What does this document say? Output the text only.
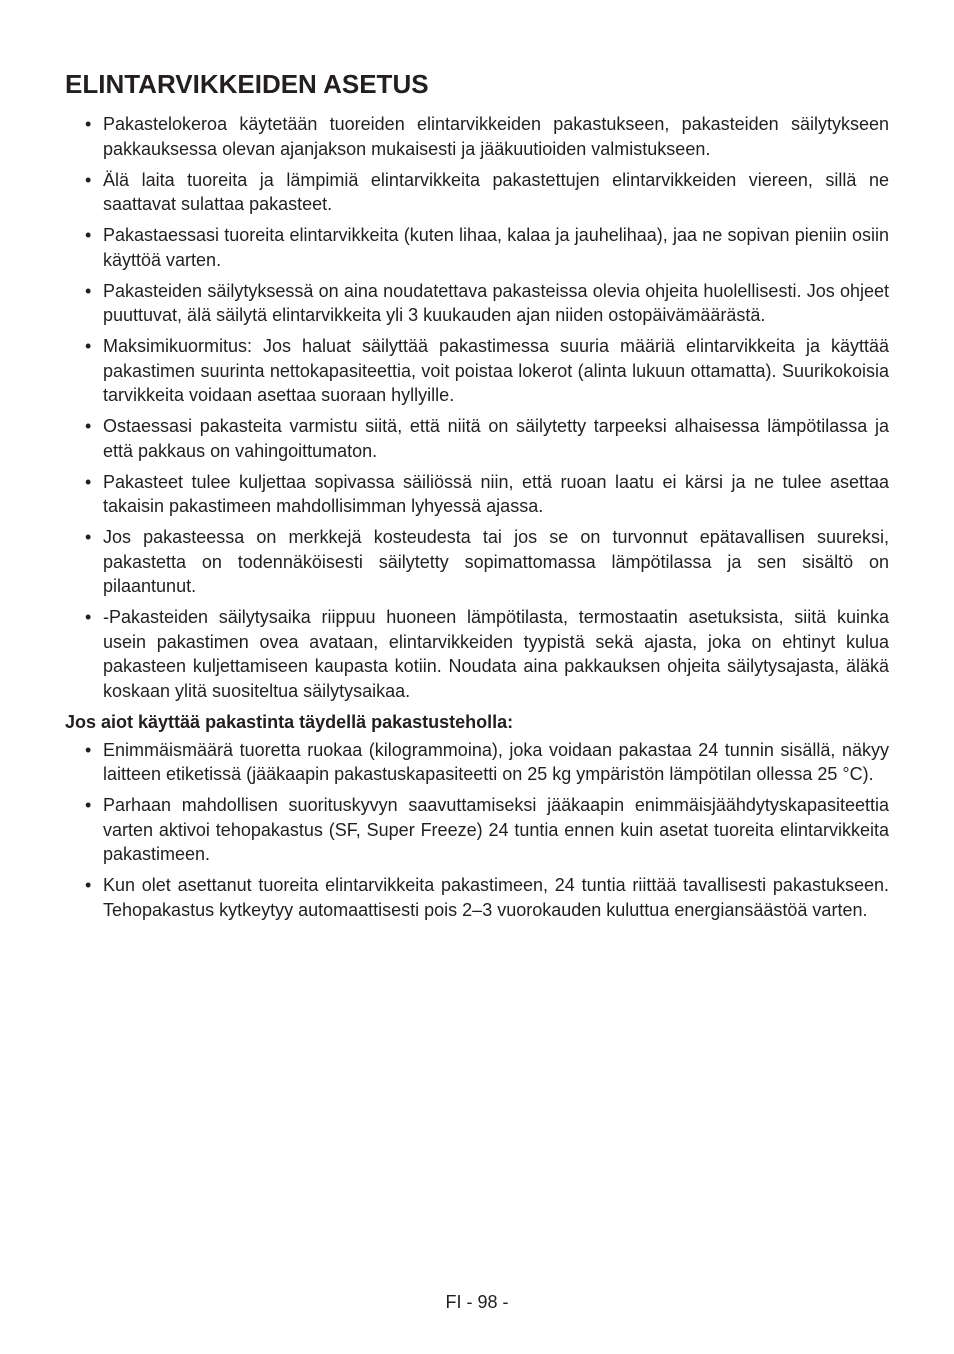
ELINTARVIKKEIDEN ASETUS
• Pakastelokeroa käytetään tuoreiden elintarvikkeiden pakastukseen, pakasteiden säilytykseen pakkauksessa olevan ajanjakson mukaisesti ja jääkuutioiden valmistukseen.
• Älä laita tuoreita ja lämpimiä elintarvikkeita pakastettujen elintarvikkeiden viereen, sillä ne saattavat sulattaa pakasteet.
• Pakastaessasi tuoreita elintarvikkeita (kuten lihaa, kalaa ja jauhelihaa), jaa ne sopivan pieniin osiin käyttöä varten.
• Pakasteiden säilytyksessä on aina noudatettava pakasteissa olevia ohjeita huolellisesti. Jos ohjeet puuttuvat, älä säilytä elintarvikkeita yli 3 kuukauden ajan niiden ostopäivämäärästä.
• Maksimikuormitus: Jos haluat säilyttää pakastimessa suuria määriä elintarvikkeita ja käyttää pakastimen suurinta nettokapasiteettia, voit poistaa lokerot (alinta lukuun ottamatta). Suurikokoisia tarvikkeita voidaan asettaa suoraan hyllyille.
• Ostaessasi pakasteita varmistu siitä, että niitä on säilytetty tarpeeksi alhaisessa lämpötilassa ja että pakkaus on vahingoittumaton.
• Pakasteet tulee kuljettaa sopivassa säiliössä niin, että ruoan laatu ei kärsi ja ne tulee asettaa takaisin pakastimeen mahdollisimman lyhyessä ajassa.
• Jos pakasteessa on merkkejä kosteudesta tai jos se on turvonnut epätavallisen suureksi, pakastetta on todennäköisesti säilytetty sopimattomassa lämpötilassa ja sen sisältö on pilaantunut.
• -Pakasteiden säilytysaika riippuu huoneen lämpötilasta, termostaatin asetuksista, siitä kuinka usein pakastimen ovea avataan, elintarvikkeiden tyypistä sekä ajasta, joka on ehtinyt kulua pakasteen kuljettamiseen kaupasta kotiin. Noudata aina pakkauksen ohjeita säilytysajasta, äläkä koskaan ylitä suositeltua säilytysaikaa.
Jos aiot käyttää pakastinta täydellä pakastusteholla:
• Enimmäismäärä tuoretta ruokaa (kilogrammoina), joka voidaan pakastaa 24 tunnin sisällä, näkyy laitteen etiketissä (jääkaapin pakastuskapasiteetti on 25 kg ympäristön lämpötilan ollessa 25 °C).
• Parhaan mahdollisen suorituskyvyn saavuttamiseksi jääkaapin enimmäisjäähdytyskapasiteettia varten aktivoi tehopakastus (SF, Super Freeze) 24 tuntia ennen kuin asetat tuoreita elintarvikkeita pakastimeen.
• Kun olet asettanut tuoreita elintarvikkeita pakastimeen, 24 tuntia riittää tavallisesti pakastukseen. Tehopakastus kytkeytyy automaattisesti pois 2–3 vuorokauden kuluttua energiansäästöä varten.
FI - 98 -
